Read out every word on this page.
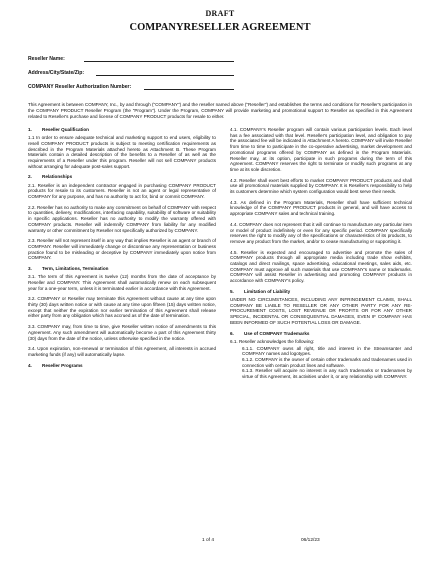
DRAFT
COMPANYRESELLER AGREEMENT
Reseller Name:
Address/City/State/Zip:
COMPANY Reseller Authorization Number:
This Agreement is between COMPANY, Inc., by and through ("COMPANY") and the reseller named above ("Reseller") and establishes the terms and conditions for Reseller's participation in the COMPANY PRODUCT Reseller Program (the "Program"). Under the Program, COMPANY will provide marketing and promotional support to Reseller as specified in this Agreement related to Reseller's purchase and license of COMPANY PRODUCT products for resale to either.

1. Reseller Qualification

1.1 In order to ensure adequate technical and marketing support to end users, eligibility to resell COMPANY PRODUCT products is subject to meeting certification requirements as described in the Program Materials attached hereto as Attachment B. These Program Materials contain a detailed description of the benefits to a Reseller of as well as the requirements of a Reseller under this program. Reseller will not sell COMPANY products without arranging for adequate post-sales support.

2. Relationships

2.1. Reseller is an independent contractor engaged in purchasing COMPANY PRODUCT products for resale to its customers. Reseller is not an agent or legal representative of COMPANY for any purpose, and has no authority to act for, bind or commit COMPANY.

2.2. Reseller has no authority to make any commitment on behalf of COMPANY with respect to quantities, delivery, modifications, interfacing capability, suitability of software or suitability in specific applications. Reseller has no authority to modify the warranty offered with COMPANY products. Reseller will indemnify COMPANY from liability for any modified warranty or other commitment by Reseller not specifically authorized by COMPANY.

2.3. Reseller will not represent itself in any way that implies Reseller is an agent or branch of COMPANY. Reseller will immediately change or discontinue any representation or business practice found to be misleading or deceptive by COMPANY immediately upon notice from COMPANY.

3. Term, Limitations, Termination

3.1. The term of this Agreement is twelve (12) months from the date of acceptance by Reseller and COMPANY. This Agreement shall automatically renew on each subsequent year for a one-year term, unless it is terminated earlier in accordance with this Agreement.

3.2. COMPANY or Reseller may terminate this Agreement without cause at any time upon thirty (30) days written notice or with cause at any time upon fifteen (15) days written notice, except that neither the expiration nor earlier termination of this Agreement shall release either party from any obligation which has accrued as of the date of termination.

3.3. COMPANY may, from time to time, give Reseller written notice of amendments to this Agreement. Any such amendment will automatically become a part of this Agreement thirty (30) days from the date of the notice, unless otherwise specified in the notice.

3.4. Upon expiration, non-renewal or termination of this Agreement, all interests in accrued marketing funds (if any) will automatically lapse.

4. Reseller Programs

4.1. COMPANY's Reseller program will contain various participation levels. Each level has a fee associated with that level. Reseller's participation level, and obligation to pay the associated fee will be indicated in Attachment A hereto. COMPANY will invite Reseller from time to time to participate in the co-operative advertising, market development and promotional programs offered by COMPANY as defined in the Program Materials. Reseller may, at its option, participate in such programs during the term of this Agreement. COMPANY reserves the right to terminate or modify such programs at any time at its sole discretion.

4.2. Reseller shall exert best efforts to market COMPANY PRODUCT products and shall use all promotional materials supplied by COMPANY. It is Reseller's responsibility to help its customers determine which system configuration would best serve their needs.

4.3. As defined in the Program Materials, Reseller shall have sufficient technical knowledge of the COMPANY PRODUCT products in general, and will have access to appropriate COMPANY sales and technical training.

4.4. COMPANY does not represent that it will continue to manufacture any particular item or model of product indefinitely or even for any specific period. COMPANY specifically reserves the right to modify any of the specifications or characteristics of its products, to remove any product from the market, and/or to cease manufacturing or supporting it.

4.5. Reseller is expected and encouraged to advertise and promote the sales of COMPANY products through all appropriate media including trade show exhibits, catalogs and direct mailings, space advertising, educational meetings, sales aids, etc. COMPANY must approve all such materials that use COMPANY's name or trademarks. COMPANY will assist Reseller in advertising and promoting COMPANY products in accordance with COMPANY's policy.

5. Limitation of Liability

UNDER NO CIRCUMSTANCES, INCLUDING ANY INFRINGEMENT CLAIMS, SHALL COMPANY BE LIABLE TO RESELLER OR ANY OTHER PARTY FOR ANY RE-PROCUREMENT COSTS, LOST REVENUE OR PROFITS OR FOR ANY OTHER SPECIAL, INCIDENTAL OR CONSEQUENTIAL DAMAGES, EVEN IF COMPANY HAS BEEN INFORMED OF SUCH POTENTIAL LOSS OR DAMAGE.

6. Use of COMPANY Trademarks

6.1. Reseller acknowledges the following:

6.1.1. COMPANY owns all right, title and interest in the Streamsanter and COMPANY names and logotypes.

6.1.2. COMPANY is the owner of certain other trademarks and tradenames used in connection with certain product lines and software.

6.1.3. Reseller will acquire no interest in any such trademarks or tradenames by virtue of this Agreement, its activities under it, or any relationship with COMPANY.

1 of 4	06/12/23
